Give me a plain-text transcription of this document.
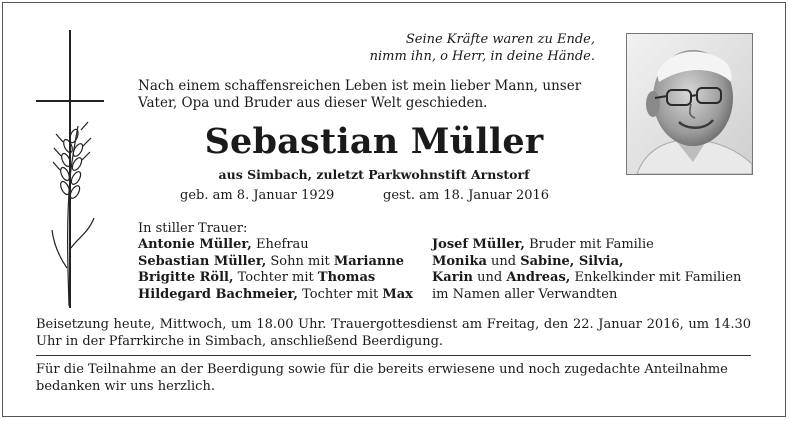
Seine Kräfte waren zu Ende,
nimm ihn, o Herr, in deine Hände.
Nach einem schaffensreichen Leben ist mein lieber Mann, unser
Vater, Opa und Bruder aus dieser Welt geschieden.
Sebastian Müller
aus Simbach, zuletzt Parkwohnstift Arnstorf
geb. am 8. Januar 1929	gest. am 18. Januar 2016
In stiller Trauer:
Antonie Müller, Ehefrau
Sebastian Müller, Sohn mit Marianne
Brigitte Röll, Tochter mit Thomas
Hildegard Bachmeier, Tochter mit Max
Josef Müller, Bruder mit Familie
Monika und Sabine, Silvia,
Karin und Andreas, Enkelkinder mit Familien
im Namen aller Verwandten
Beisetzung heute, Mittwoch, um 18.00 Uhr. Trauergottesdienst am Freitag, den 22. Januar 2016, um 14.30 Uhr in der Pfarrkirche in Simbach, anschließend Beerdigung.
Für die Teilnahme an der Beerdigung sowie für die bereits erwiesene und noch zugedachte Anteilnahme bedanken wir uns herzlich.
